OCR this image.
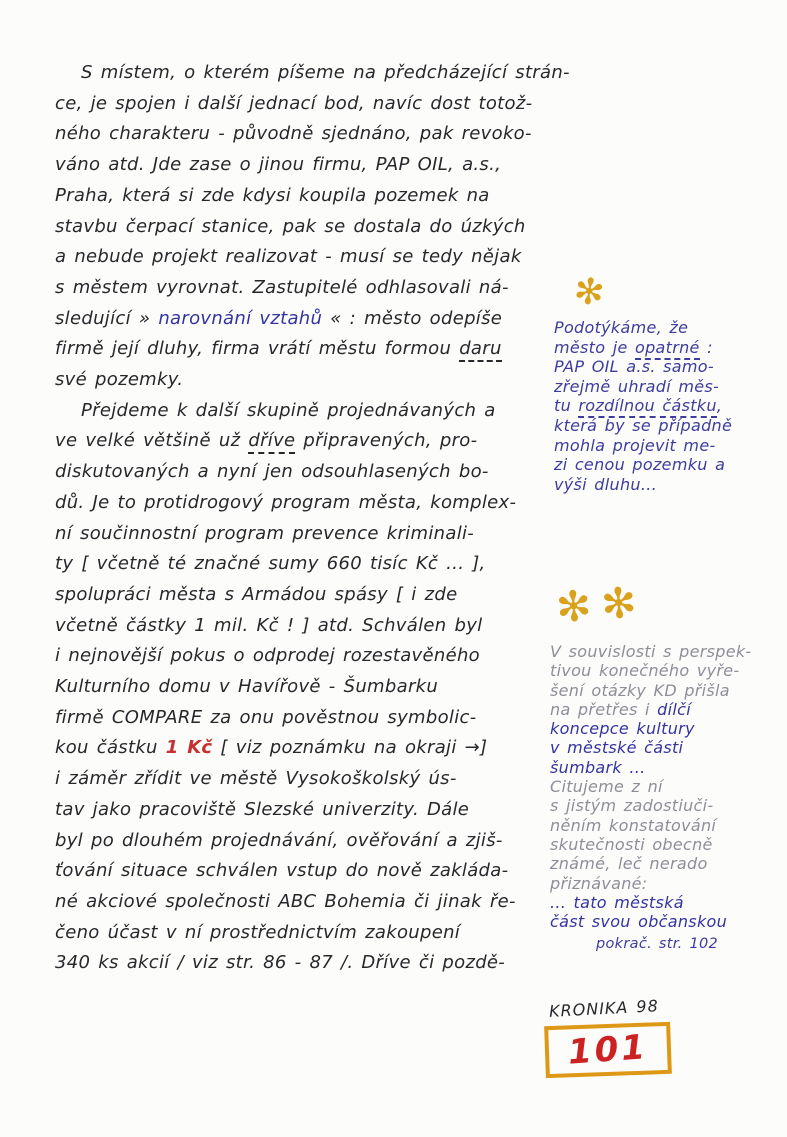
S místem, o kterém píšeme na předcházející strán-
ce, je spojen i další jednací bod, navíc dost totož-
ného charakteru - původně sjednáno, pak revoko-
váno atd. Jde zase o jinou firmu, PAP OIL, a.s.,
Praha, která si zde kdysi koupila pozemek na
stavbu čerpací stanice, pak se dostala do úzkých
a nebude projekt realizovat - musí se tedy nějak
s městem vyrovnat. Zastupitelé odhlasovali ná-
sledující » narovnání vztahů « : město odepíše
firmě její dluhy, firma vrátí městu formou daru
své pozemky.
Přejdeme k další skupině projednávaných a
ve velké většině už dříve připravených, pro-
diskutovaných a nyní jen odsouhlasených bo-
dů. Je to protidrogový program města, komplex-
ní součinnostní program prevence kriminali-
ty [ včetně té značné sumy 660 tisíc Kč ... ],
spolupráci města s Armádou spásy [ i zde
včetně částky 1 mil. Kč ! ] atd. Schválen byl
i nejnovější pokus o odprodej rozestavěného
Kulturního domu v Havířově - Šumbarku
firmě COMPARE za onu pověstnou symbolic-
kou částku 1 Kč [ viz poznámku na okraji →]
i záměr zřídit ve městě Vysokoškolský ús-
tav jako pracoviště Slezské univerzity. Dále
byl po dlouhém projednávání, ověřování a zjiš-
ťování situace schválen vstup do nově zakláda-
né akciové společnosti ABC Bohemia či jinak ře-
čeno účast v ní prostřednictvím zakoupení
340 ks akcií / viz str. 86 - 87 /. Dříve či pozdě-
✻
Podotýkáme, že
město je opatrné :
PAP OIL a.s. samo-
zřejmě uhradí měs-
tu rozdílnou částku,
která by se případně
mohla projevit me-
zi cenou pozemku a
výši dluhu...
✻✻
V souvislosti s perspek-
tivou konečného vyře-
šení otázky KD přišla
na přetřes i dílčí
koncepce kultury
v městské části
šumbark ...
Citujeme z ní
s jistým zadostiuči-
něním konstatování
skutečnosti obecně
známé, leč nerado
přiznávané:
... tato městská
část svou občanskou
pokrač. str. 102
KRONIKA 98
101
